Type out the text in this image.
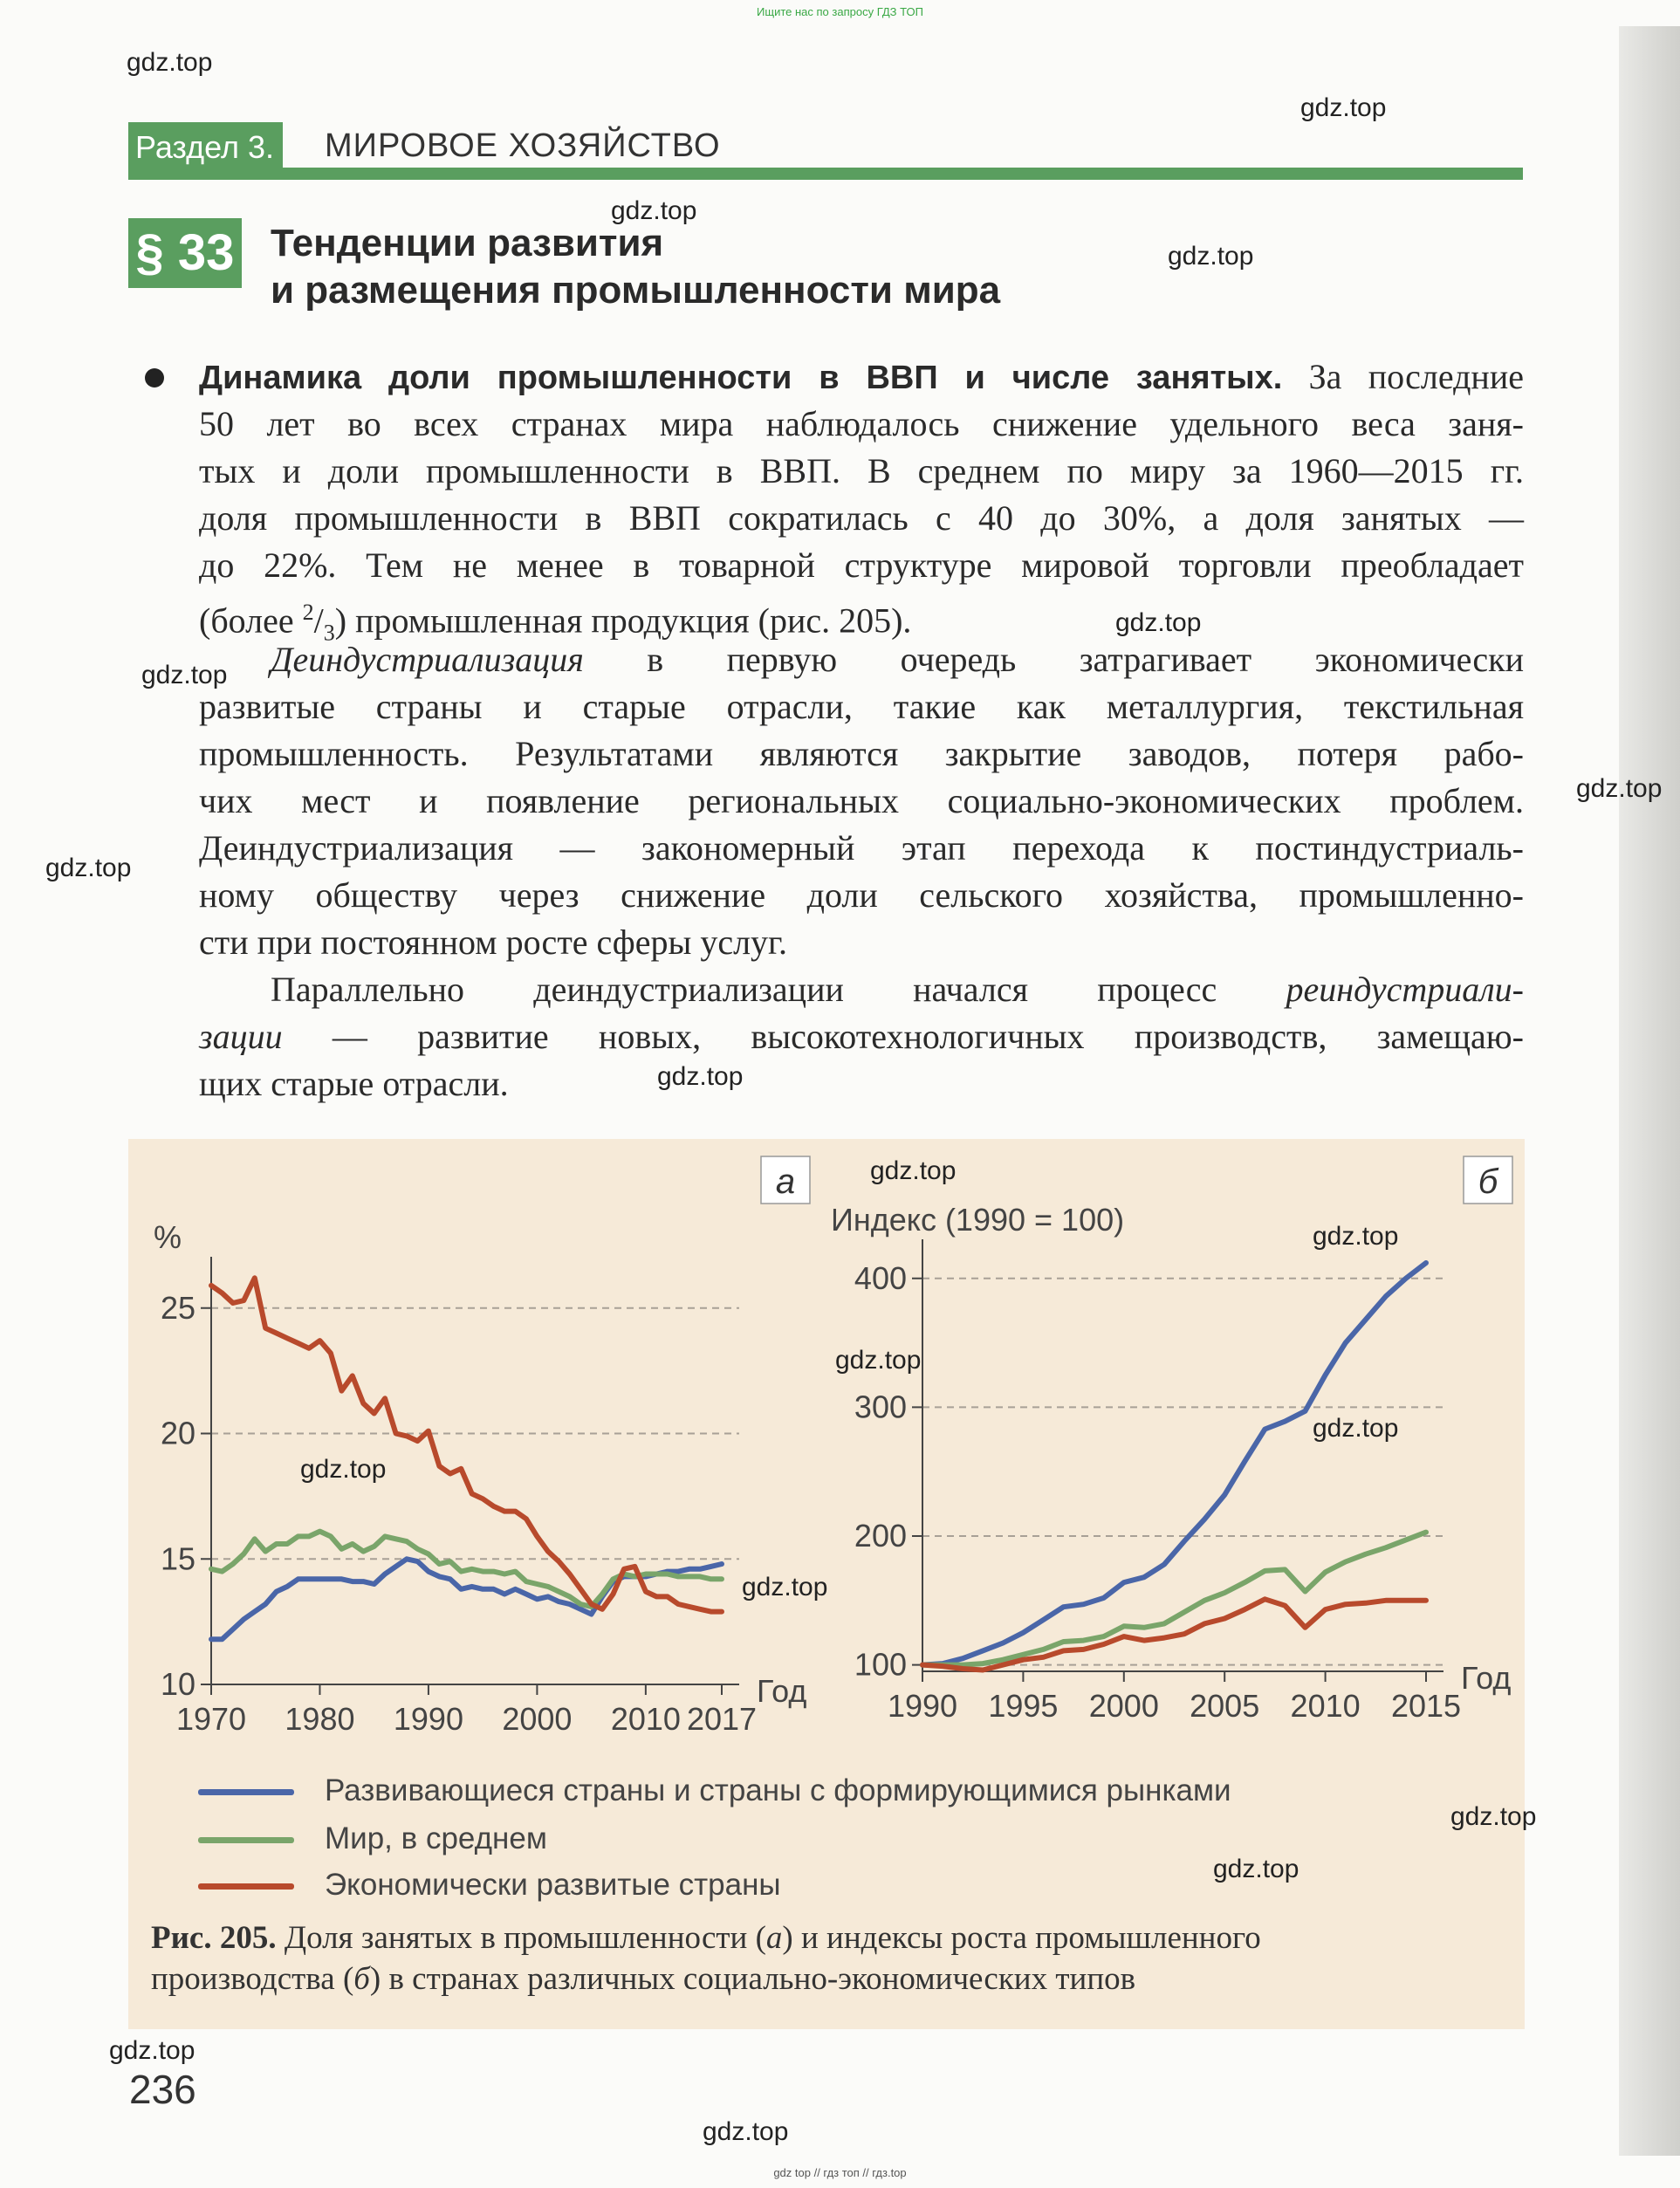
Ищите нас по запросу ГДЗ ТОП
gdz.top
gdz.top
gdz.top
gdz.top
gdz.top
gdz.top
gdz.top
gdz.top
gdz.top
Раздел 3. МИРОВОЕ ХОЗЯЙСТВО
§ 33 Тенденции развития
и размещения промышленности мира
Динамика доли промышленности в ВВП и числе занятых. За последние
50 лет во всех странах мира наблюдалось снижение удельного веса заня-
тых и доли промышленности в ВВП. В среднем по миру за 1960—2015 гг.
доля промышленности в ВВП сократилась с 40 до 30%, а доля занятых —
до 22%. Тем не менее в товарной структуре мировой торговли преобладает
(более $^2/_3$) промышленная продукция (рис. 205).
Деиндустриализация в первую очередь затрагивает экономически
развитые страны и старые отрасли, такие как металлургия, текстильная
промышленность. Результатами являются закрытие заводов, потеря рабо-
чих мест и появление региональных социально-экономических проблем.
Деиндустриализация — закономерный этап перехода к постиндустриаль-
ному обществу через снижение доли сельского хозяйства, промышленно-
сти при постоянном росте сферы услуг.
Параллельно деиндустриализации начался процесс реиндустриали-
зации — развитие новых, высокотехнологичных производств, замещаю-
щих старые отрасли.
10
15
20
25
1970 1980 1990 2000 2010 2017
Год
%
а
100
200
300
400
1990 1995 2000 2005 2010 2015
Год
Индекс (1990 = 100)
б
gdz.top
gdz.top
gdz.top
gdz.top
gdz.top
gdz.top
Развивающиеся страны и страны с формирующимися рынками
Мир, в среднем
Экономически развитые страны
gdz.top
gdz.top
Рис. 205. Доля занятых в промышленности (а) и индексы роста промышленного
производства (б) в странах различных социально-экономических типов
gdz.top
236
gdz.top
gdz top // гдз топ // гдз.top
